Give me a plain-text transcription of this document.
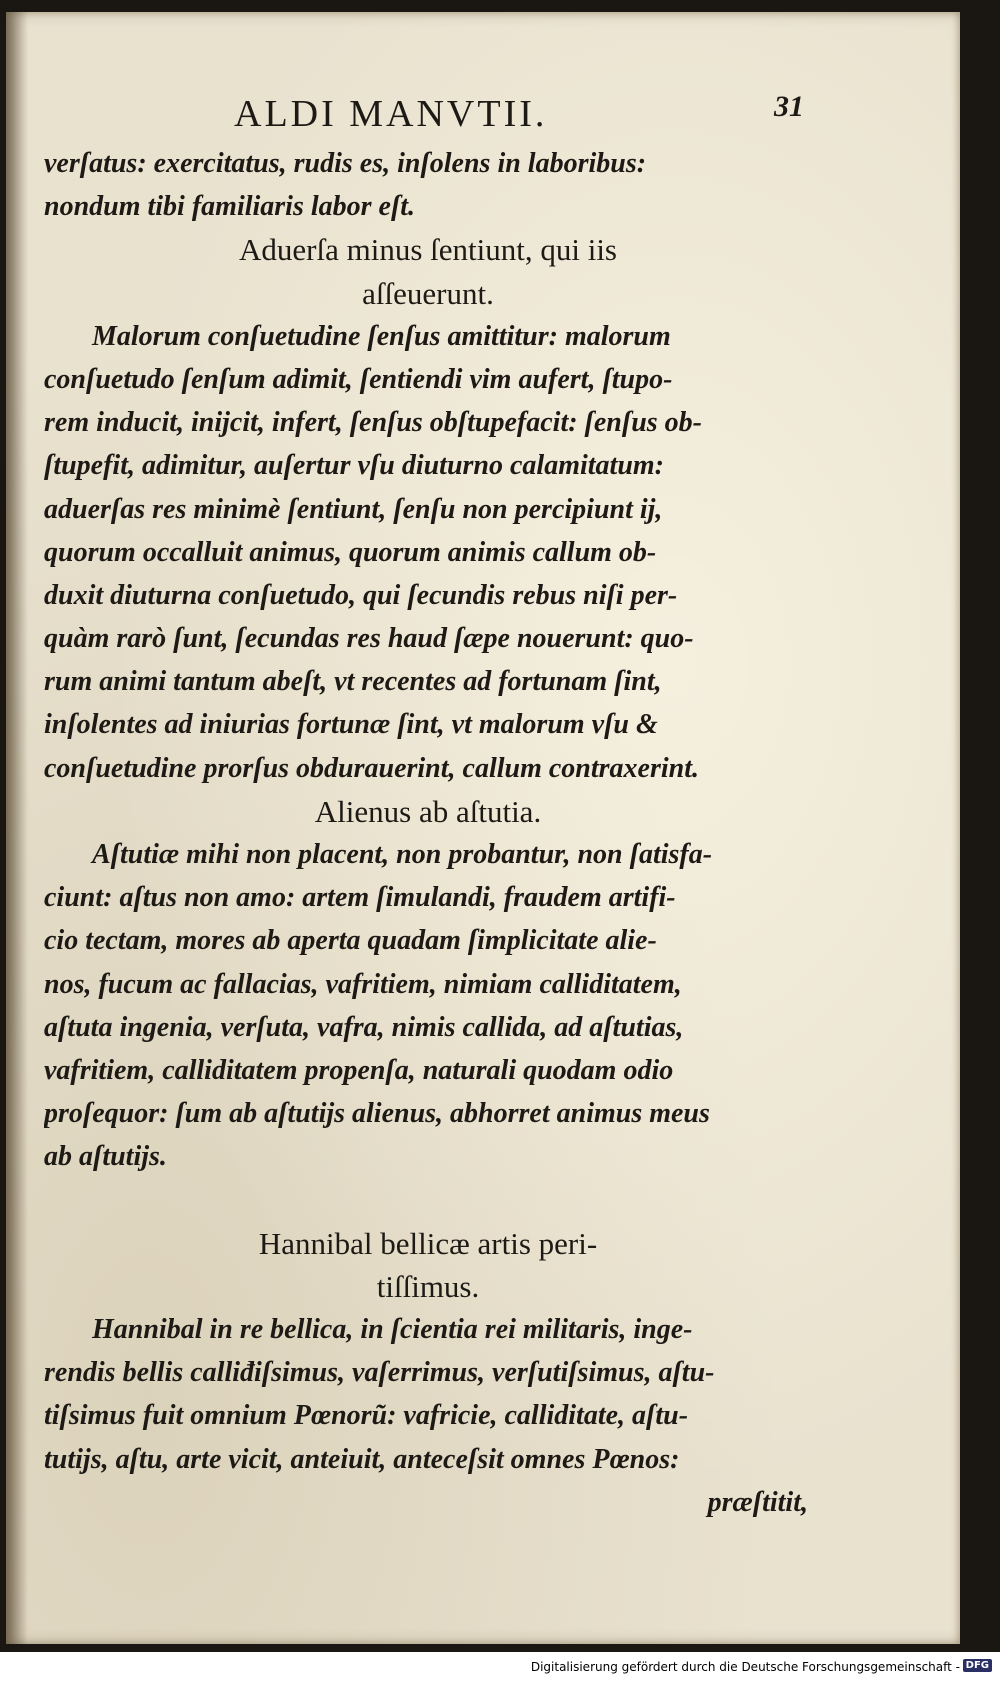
ALDI MANVTII.	31
verſatus: exercitatus, rudis es, inſolens in laboribus:
nondum tibi familiaris labor eſt.
Aduerſa minus ſentiunt, qui iis
aſſeuerunt.
Malorum conſuetudine ſenſus amittitur: malorum
conſuetudo ſenſum adimit, ſentiendi vim aufert, ſtupo-
rem inducit, inijcit, infert, ſenſus obſtupefacit: ſenſus ob-
ſtupefit, adimitur, auſertur vſu diuturno calamitatum:
aduerſas res minimè ſentiunt, ſenſu non percipiunt ij,
quorum occalluit animus, quorum animis callum ob-
duxit diuturna conſuetudo, qui ſecundis rebus niſi per-
quàm rarò ſunt, ſecundas res haud ſæpe nouerunt: quo-
rum animi tantum abeſt, vt recentes ad fortunam ſint,
inſolentes ad iniurias fortunæ ſint, vt malorum vſu &
conſuetudine prorſus obdurauerint, callum contraxerint.
Alienus ab aſtutia.
Aſtutiæ mihi non placent, non probantur, non ſatisfa-
ciunt: aſtus non amo: artem ſimulandi, fraudem artifi-
cio tectam, mores ab aperta quadam ſimplicitate alie-
nos, fucum ac fallacias, vafritiem, nimiam calliditatem,
aſtuta ingenia, verſuta, vafra, nimis callida, ad aſtutias,
vafritiem, calliditatem propenſa, naturali quodam odio
proſequor: ſum ab aſtutijs alienus, abhorret animus meus
ab aſtutijs.
Hannibal bellicæ artis peri-
tiſſimus.
Hannibal in re bellica, in ſcientia rei militaris, inge-
rendis bellis calliđiſsimus, vaſerrimus, verſutiſsimus, aſtu-
tiſsimus fuit omnium Pœnorũ: vafricie, calliditate, aſtu-
tutijs, aſtu, arte vicit, anteiuit, anteceſsit omnes Pœnos:
præſtitit,
Digitalisierung gefördert durch die Deutsche Forschungsgemeinschaft - DFG
